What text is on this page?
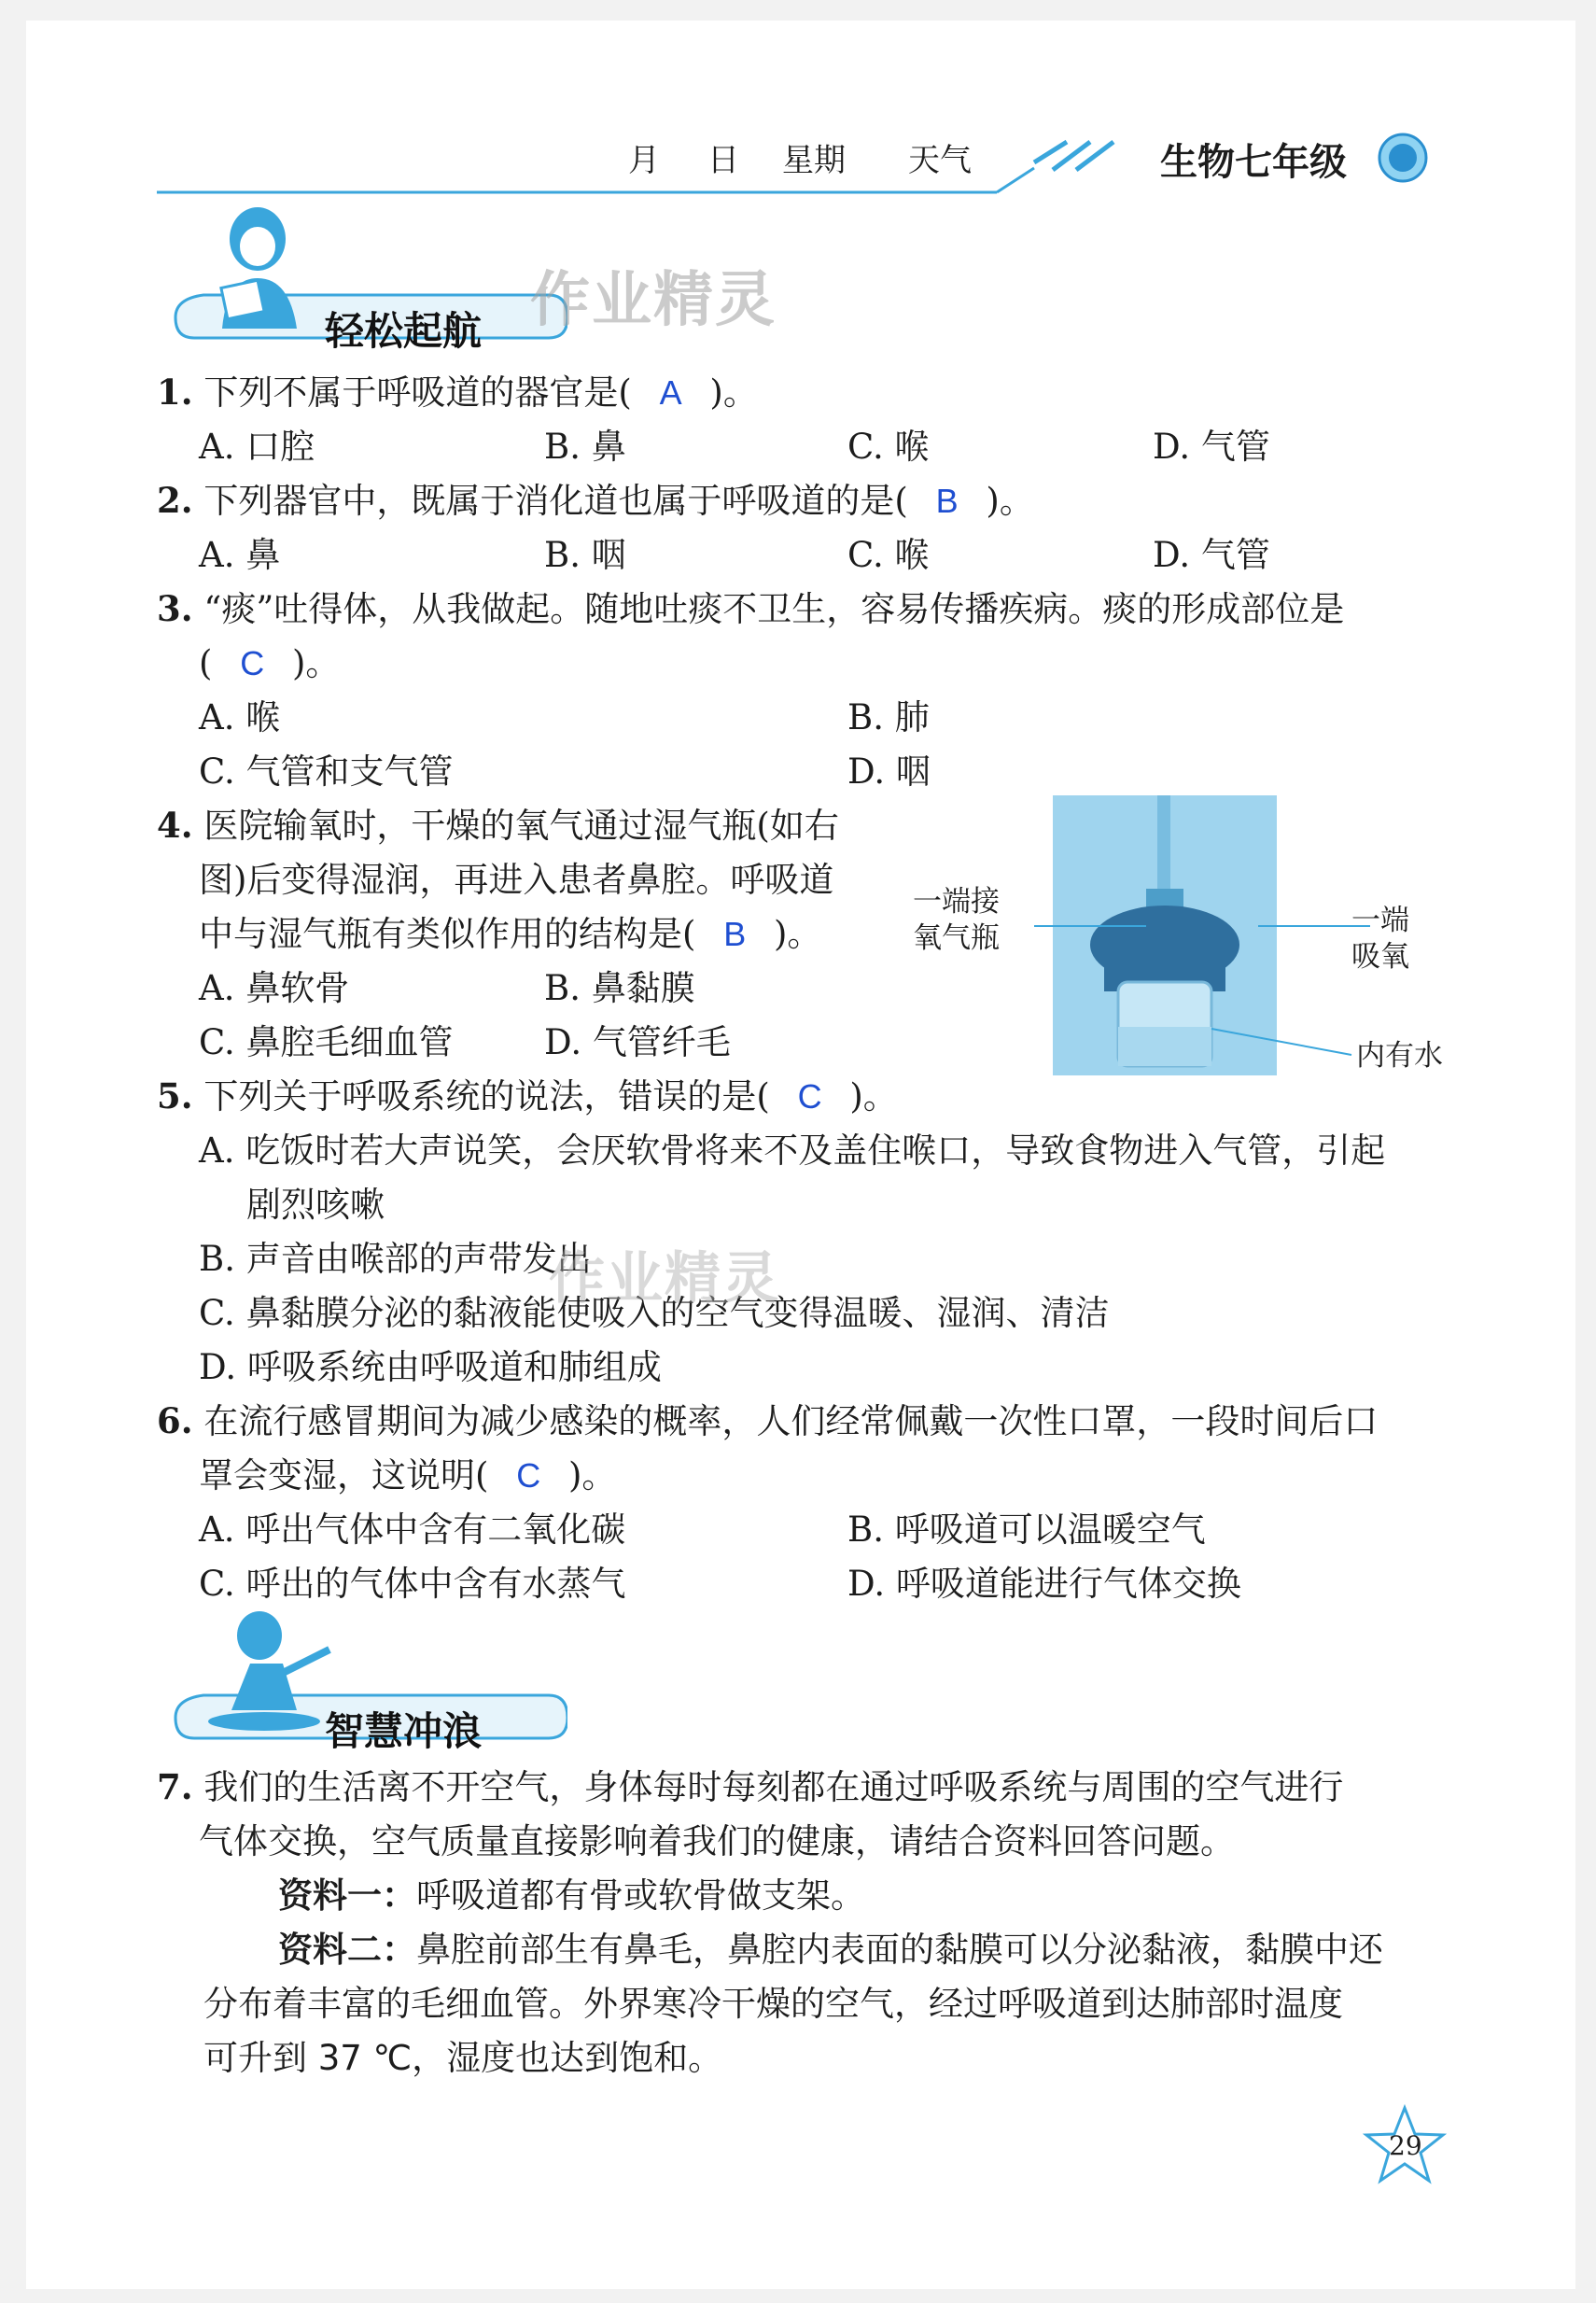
月 日 星期 天气	生物七年级
轻松起航 作业精灵
1. 下列不属于呼吸道的器官是( A )。
A. 口腔	B. 鼻	C. 喉	D. 气管
2. 下列器官中，既属于消化道也属于呼吸道的是( B )。
A. 鼻	B. 咽	C. 喉	D. 气管
3. “痰”吐得体，从我做起。随地吐痰不卫生，容易传播疾病。痰的形成部位是
( C )。
A. 喉	B. 肺
C. 气管和支气管	D. 咽
4. 医院输氧时，干燥的氧气通过湿气瓶(如右
图)后变得湿润，再进入患者鼻腔。呼吸道
中与湿气瓶有类似作用的结构是( B )。
A. 鼻软骨	B. 鼻黏膜
C. 鼻腔毛细血管	D. 气管纤毛
一端接
氧气瓶
一端
吸氧
内有水
5. 下列关于呼吸系统的说法，错误的是( C )。
A. 吃饭时若大声说笑，会厌软骨将来不及盖住喉口，导致食物进入气管，引起
剧烈咳嗽
B. 声音由喉部的声带发出
C. 鼻黏膜分泌的黏液能使吸入的空气变得温暖、湿润、清洁
D. 呼吸系统由呼吸道和肺组成
作业精灵
6. 在流行感冒期间为减少感染的概率，人们经常佩戴一次性口罩，一段时间后口
罩会变湿，这说明( C )。
A. 呼出气体中含有二氧化碳	B. 呼吸道可以温暖空气
C. 呼出的气体中含有水蒸气	D. 呼吸道能进行气体交换
智慧冲浪
7. 我们的生活离不开空气，身体每时每刻都在通过呼吸系统与周围的空气进行
气体交换，空气质量直接影响着我们的健康，请结合资料回答问题。
资料一：呼吸道都有骨或软骨做支架。
资料二：鼻腔前部生有鼻毛，鼻腔内表面的黏膜可以分泌黏液，黏膜中还
分布着丰富的毛细血管。外界寒冷干燥的空气，经过呼吸道到达肺部时温度
可升到 37 ℃，湿度也达到饱和。
29
